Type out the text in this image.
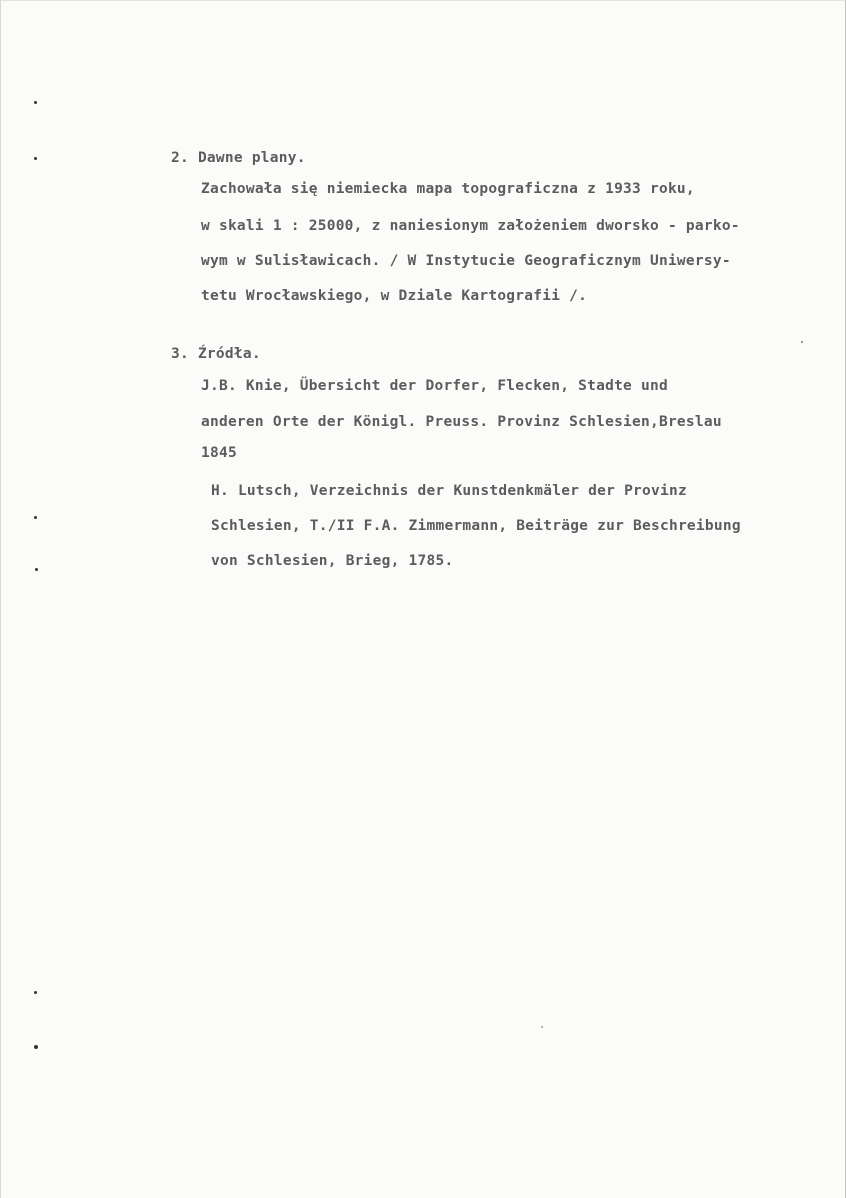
2. Dawne plany.
Zachowała się niemiecka mapa topograficzna z 1933 roku,
w skali 1 : 25000, z naniesionym założeniem dworsko - parko-
wym w Sulisławicach. / W Instytucie Geograficznym Uniwersy-
tetu Wrocławskiego, w Dziale Kartografii /.
3. Źródła.
J.B. Knie, Übersicht der Dorfer, Flecken, Stadte und
anderen Orte der Königl. Preuss. Provinz Schlesien,Breslau
1845
H. Lutsch, Verzeichnis der Kunstdenkmäler der Provinz
Schlesien, T./II F.A. Zimmermann, Beiträge zur Beschreibung
von Schlesien, Brieg, 1785.
